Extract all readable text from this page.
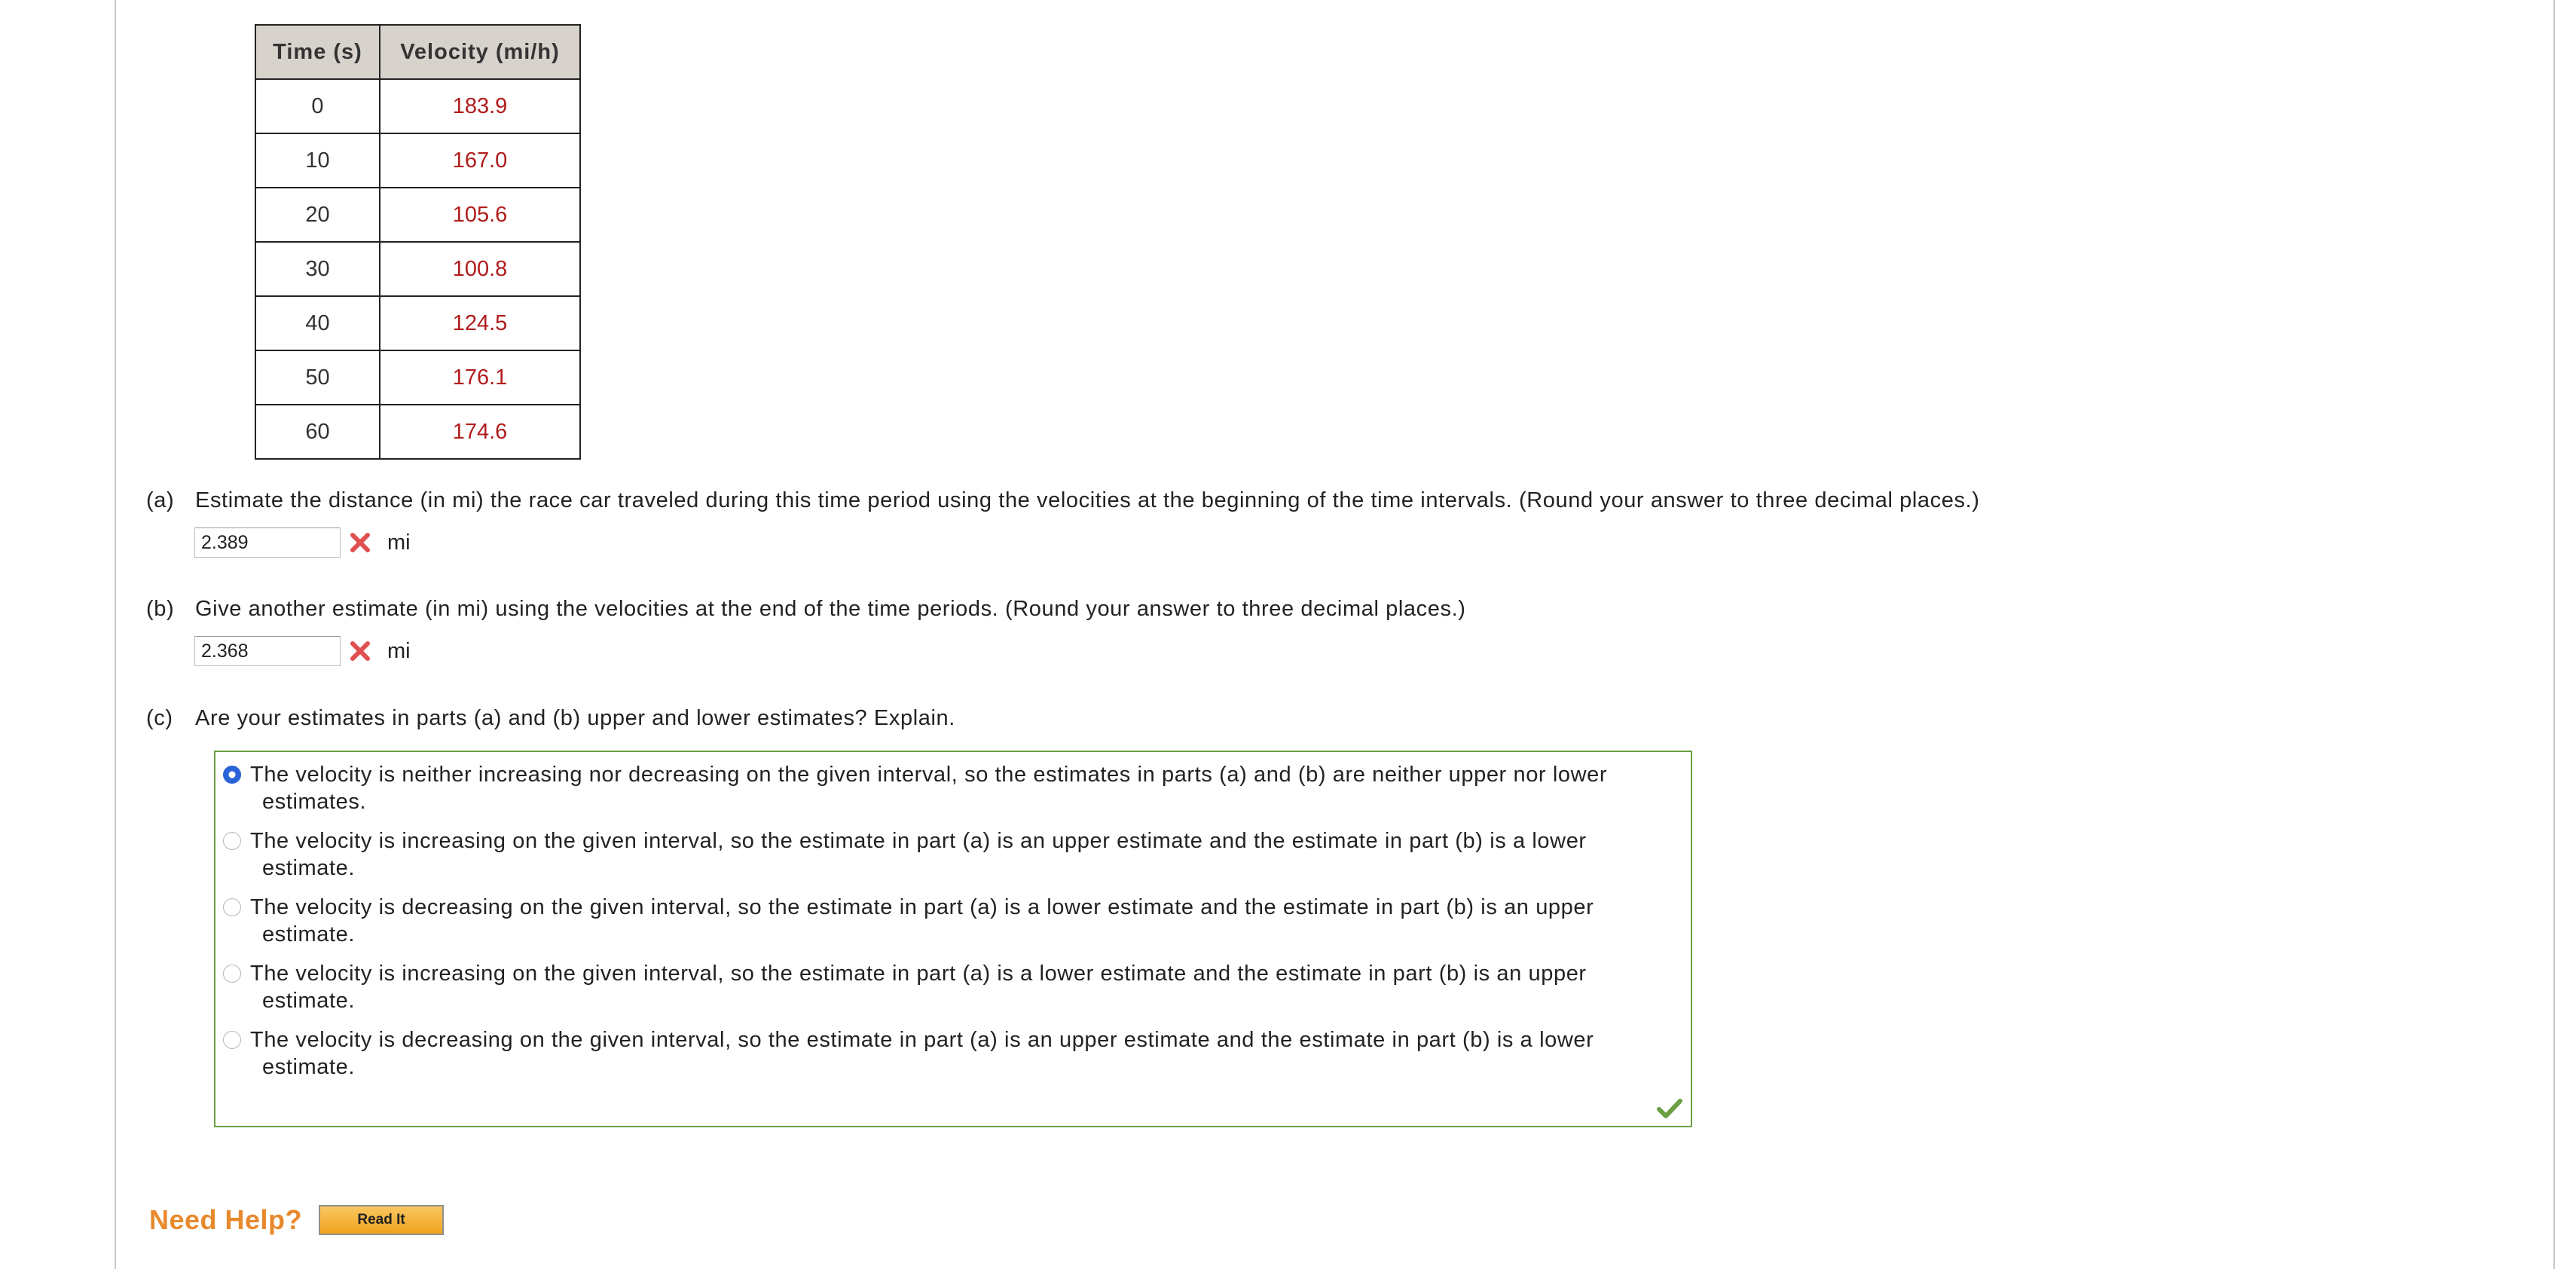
Time (s)	Velocity (mi/h)
0	183.9
10	167.0
20	105.6
30	100.8
40	124.5
50	176.1
60	174.6
(a) Estimate the distance (in mi) the race car traveled during this time period using the velocities at the beginning of the time intervals. (Round your answer to three decimal places.)
2.389
mi
(b) Give another estimate (in mi) using the velocities at the end of the time periods. (Round your answer to three decimal places.)
2.368
mi
(c) Are your estimates in parts (a) and (b) upper and lower estimates? Explain.
The velocity is neither increasing nor decreasing on the given interval, so the estimates in parts (a) and (b) are neither upper nor lower
estimates.
The velocity is increasing on the given interval, so the estimate in part (a) is an upper estimate and the estimate in part (b) is a lower
estimate.
The velocity is decreasing on the given interval, so the estimate in part (a) is a lower estimate and the estimate in part (b) is an upper
estimate.
The velocity is increasing on the given interval, so the estimate in part (a) is a lower estimate and the estimate in part (b) is an upper
estimate.
The velocity is decreasing on the given interval, so the estimate in part (a) is an upper estimate and the estimate in part (b) is a lower
estimate.
Need Help?	Read It
